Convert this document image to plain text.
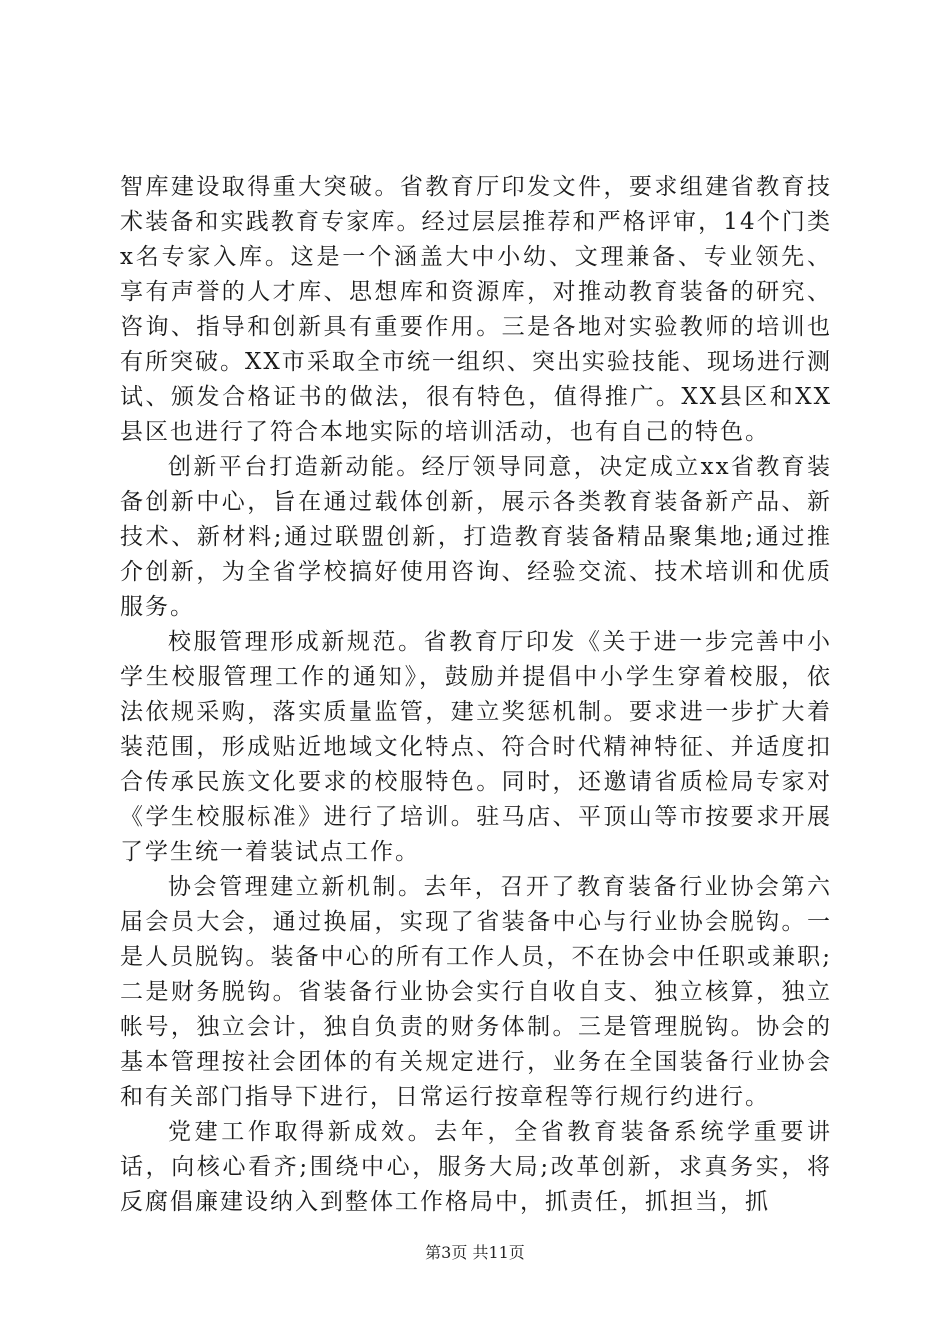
智库建设取得重大突破。省教育厅印发文件，要求组建省教育技术装备和实践教育专家库。经过层层推荐和严格评审，14个门类x名专家入库。这是一个涵盖大中小幼、文理兼备、专业领先、享有声誉的人才库、思想库和资源库，对推动教育装备的研究、咨询、指导和创新具有重要作用。三是各地对实验教师的培训也有所突破。XX市采取全市统一组织、突出实验技能、现场进行测试、颁发合格证书的做法，很有特色，值得推广。XX县区和XX县区也进行了符合本地实际的培训活动，也有自己的特色。

创新平台打造新动能。经厅领导同意，决定成立xx省教育装备创新中心，旨在通过载体创新，展示各类教育装备新产品、新技术、新材料;通过联盟创新，打造教育装备精品聚集地;通过推介创新，为全省学校搞好使用咨询、经验交流、技术培训和优质服务。

校服管理形成新规范。省教育厅印发《关于进一步完善中小学生校服管理工作的通知》，鼓励并提倡中小学生穿着校服，依法依规采购，落实质量监管，建立奖惩机制。要求进一步扩大着装范围，形成贴近地域文化特点、符合时代精神特征、并适度扣合传承民族文化要求的校服特色。同时，还邀请省质检局专家对《学生校服标准》进行了培训。驻马店、平顶山等市按要求开展了学生统一着装试点工作。

协会管理建立新机制。去年，召开了教育装备行业协会第六届会员大会，通过换届，实现了省装备中心与行业协会脱钩。一是人员脱钩。装备中心的所有工作人员，不在协会中任职或兼职;二是财务脱钩。省装备行业协会实行自收自支、独立核算，独立帐号，独立会计，独自负责的财务体制。三是管理脱钩。协会的基本管理按社会团体的有关规定进行，业务在全国装备行业协会和有关部门指导下进行，日常运行按章程等行规行约进行。

党建工作取得新成效。去年，全省教育装备系统学重要讲话，向核心看齐;围绕中心，服务大局;改革创新，求真务实，将反腐倡廉建设纳入到整体工作格局中，抓责任，抓担当，抓

第3页 共11页
